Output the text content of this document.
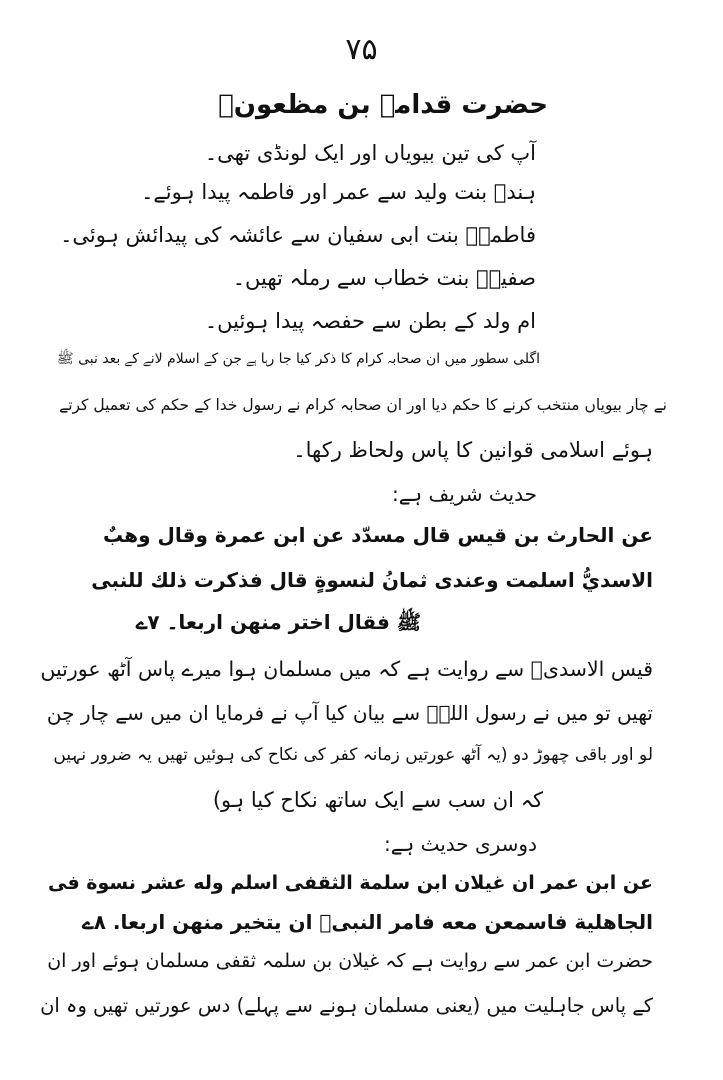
۷۵
حضرت قدامہ بن مظعونؓ
آپ کی تین بیویاں اور ایک لونڈی تھی۔
ہندؓ بنت ولید سے عمر اور فاطمہ پیدا ہوئے۔
فاطمہؓ بنت ابی سفیان سے عائشہ کی پیدائش ہوئی۔
صفیہؓ بنت خطاب سے رملہ تھیں۔
ام ولد کے بطن سے حفصہ پیدا ہوئیں۔
اگلی سطور میں ان صحابہ کرام کا ذکر کیا جا رہا ہے جن کے اسلام لانے کے بعد نبی ﷺ
نے چار بیویاں منتخب کرنے کا حکم دیا اور ان صحابہ کرام نے رسول خدا کے حکم کی تعمیل کرتے
ہوئے اسلامی قوانین کا پاس ولحاظ رکھا۔
حدیث شریف ہے:
عن الحارث بن قيس قال مسدّد عن ابن عمرة وقال وهبٌ
الاسديُّ اسلمت وعندى ثمانُ لنسوةٍ قال فذكرت ذلك للنبى
ﷺ فقال اختر منهن اربعا۔ ۷ے
قیس الاسدیؓ سے روایت ہے کہ میں مسلمان ہوا میرے پاس آٹھ عورتیں
تھیں تو میں نے رسول اللہؐ سے بیان کیا آپ نے فرمایا ان میں سے چار چن
لو اور باقی چھوڑ دو (یہ آٹھ عورتیں زمانہ کفر کی نکاح کی ہوئیں تھیں یہ ضرور نہیں
کہ ان سب سے ایک ساتھ نکاح کیا ہو)
دوسری حدیث ہے:
عن ابن عمر ان غيلان ابن سلمة الثقفى اسلم وله عشر نسوة فى
الجاهلية فاسمعن معه فامر النبىؐ ان يتخير منهن اربعا. ۸ے
حضرت ابن عمر سے روایت ہے کہ غیلان بن سلمہ ثقفی مسلمان ہوئے اور ان
کے پاس جاہلیت میں (یعنی مسلمان ہونے سے پہلے) دس عورتیں تھیں وہ ان
